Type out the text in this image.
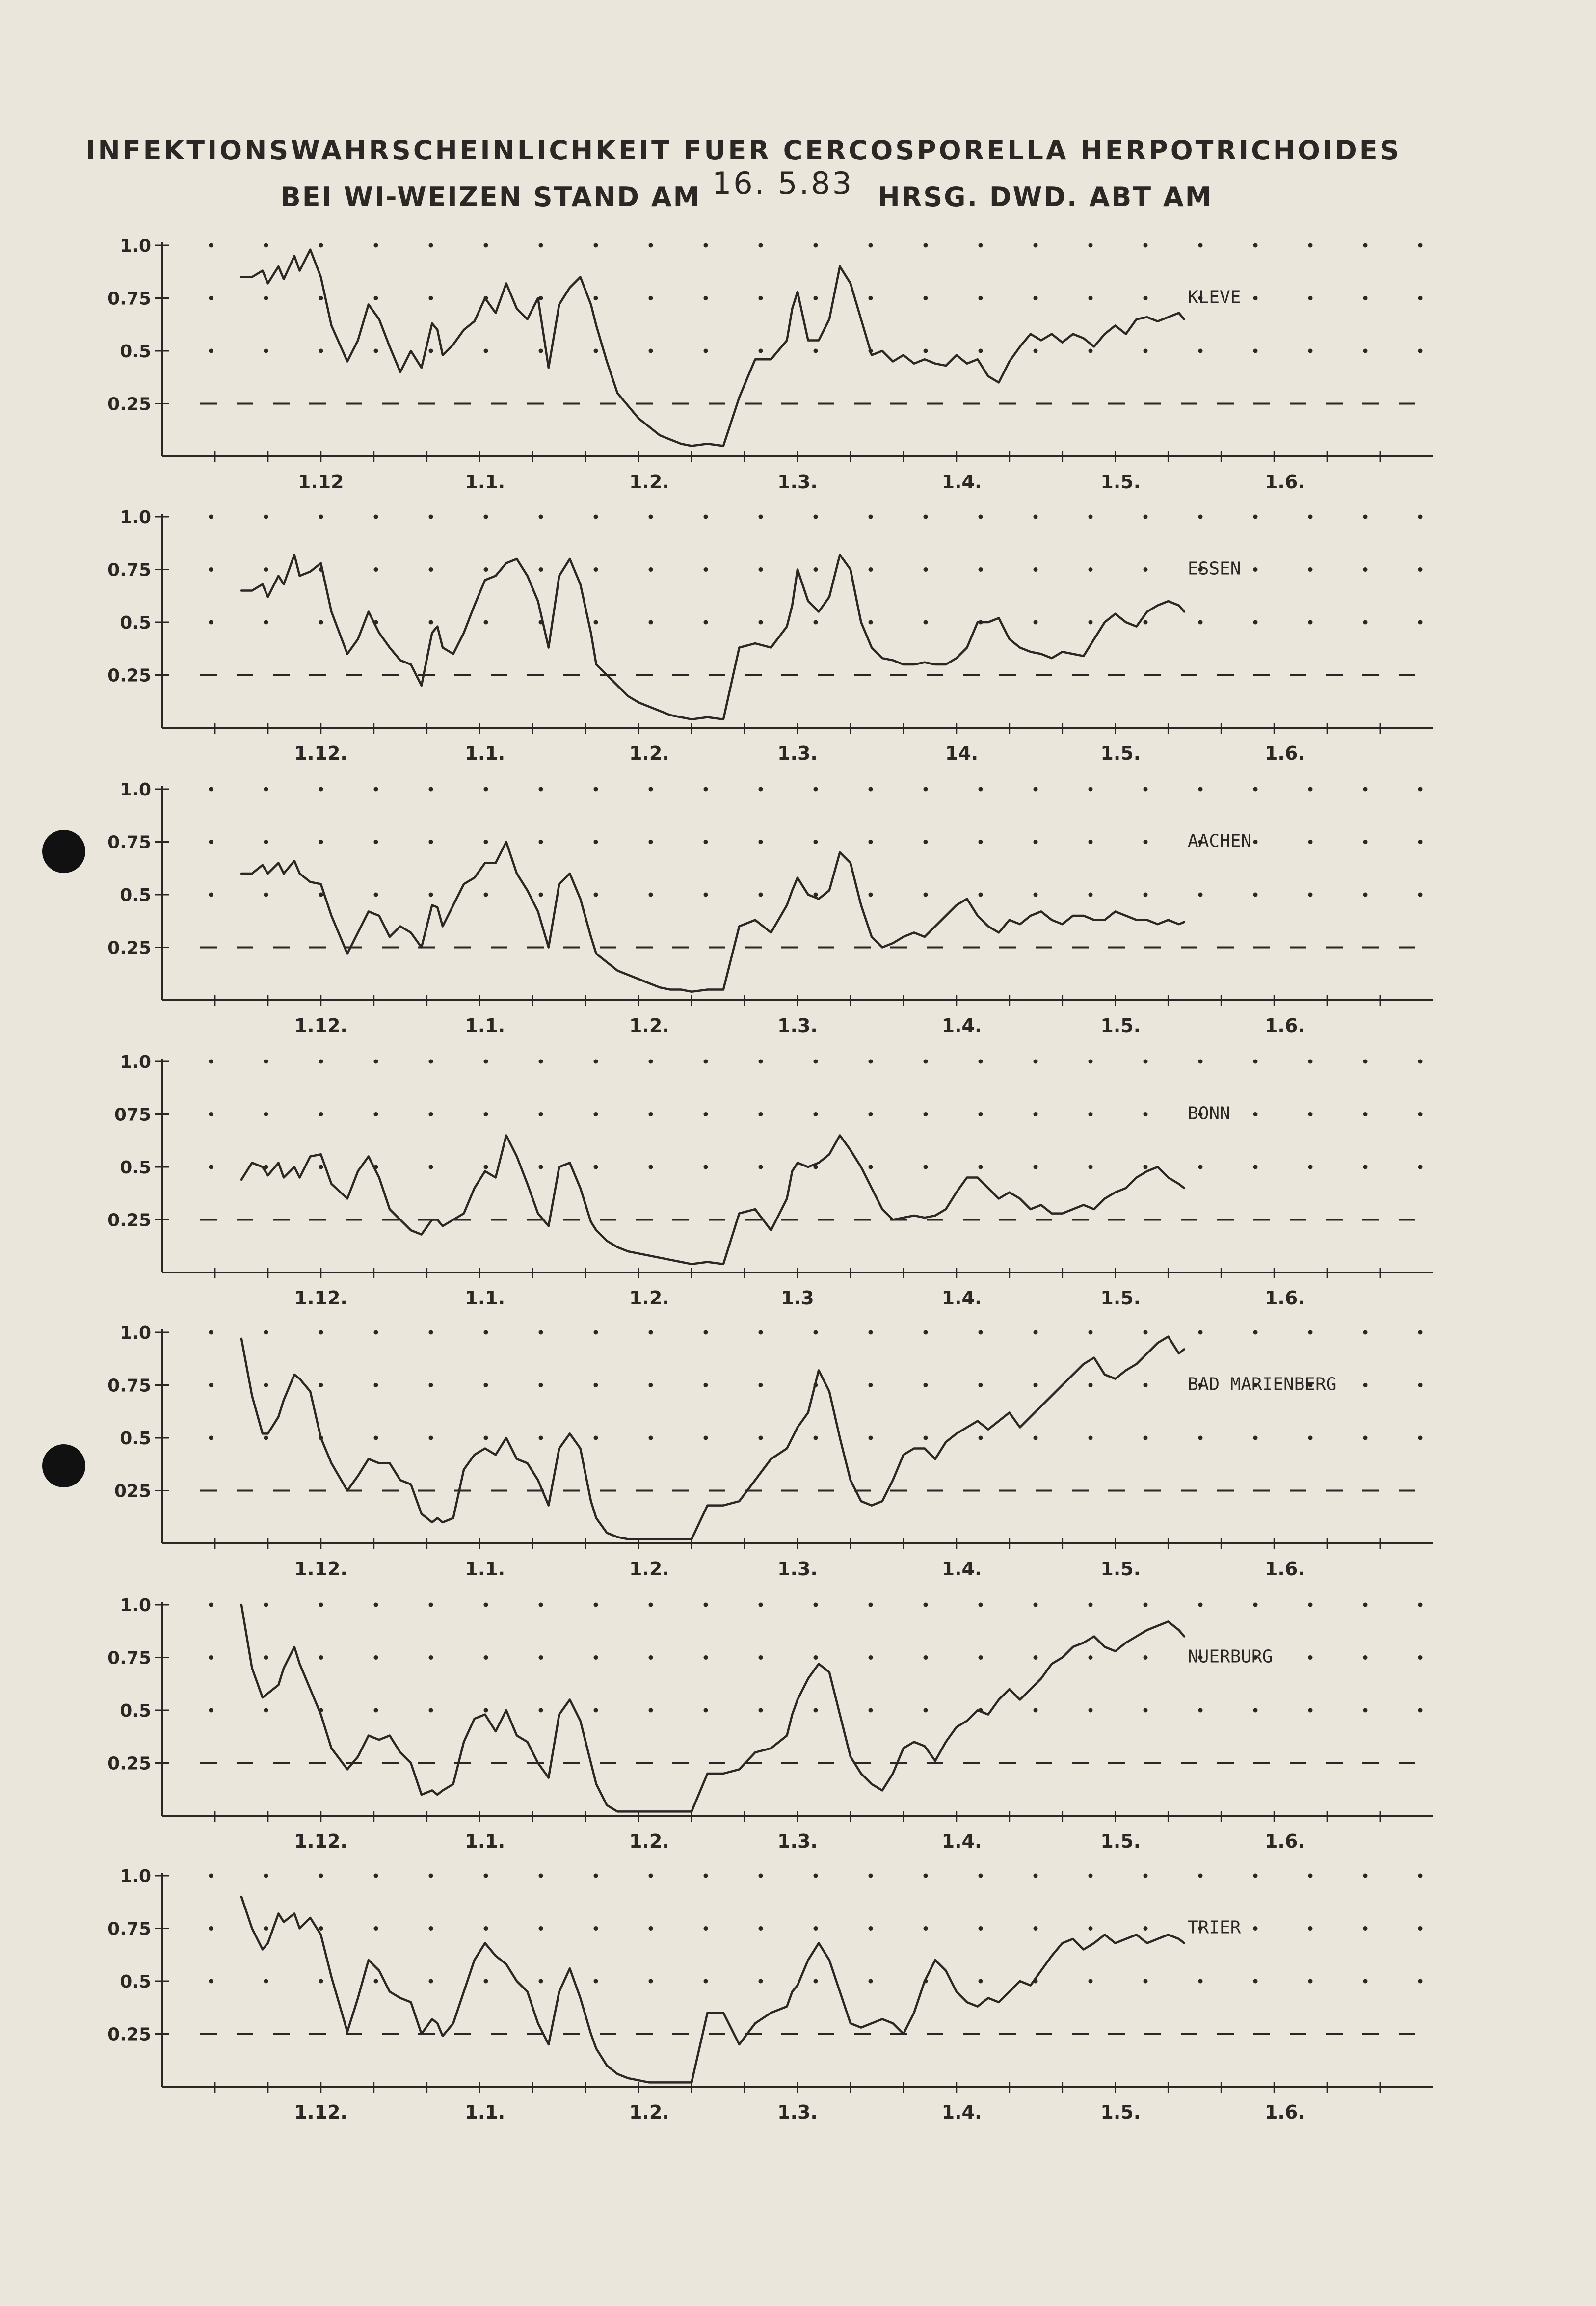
INFEKTIONSWAHRSCHEINLICHKEIT FUER CERCOSPORELLA HERPOTRICHOIDES
BEI WI-WEIZEN STAND AM 16. 5.83 HRSG. DWD. ABT AM
1.0
0.75
0.5
0.25
1.12	1.1.	1.2.	1.3.	1.4.	1.5.	1.6.
KLEVE
1.0
0.75
0.5
0.25
1.12.	1.1.	1.2.	1.3.	14.	1.5.	1.6.
ESSEN
1.0
0.75
0.5
0.25
1.12.	1.1.	1.2.	1.3.	1.4.	1.5.	1.6.
AACHEN
1.0
075
0.5
0.25
1.12.	1.1.	1.2.	1.3	1.4.	1.5.	1.6.
BONN
1.0
0.75
0.5
025
1.12.	1.1.	1.2.	1.3.	1.4.	1.5.	1.6.
BAD MARIENBERG
1.0
0.75
0.5
0.25
1.12.	1.1.	1.2.	1.3.	1.4.	1.5.	1.6.
NUERBURG
1.0
0.75
0.5
0.25
1.12.	1.1.	1.2.	1.3.	1.4.	1.5.	1.6.
TRIER
